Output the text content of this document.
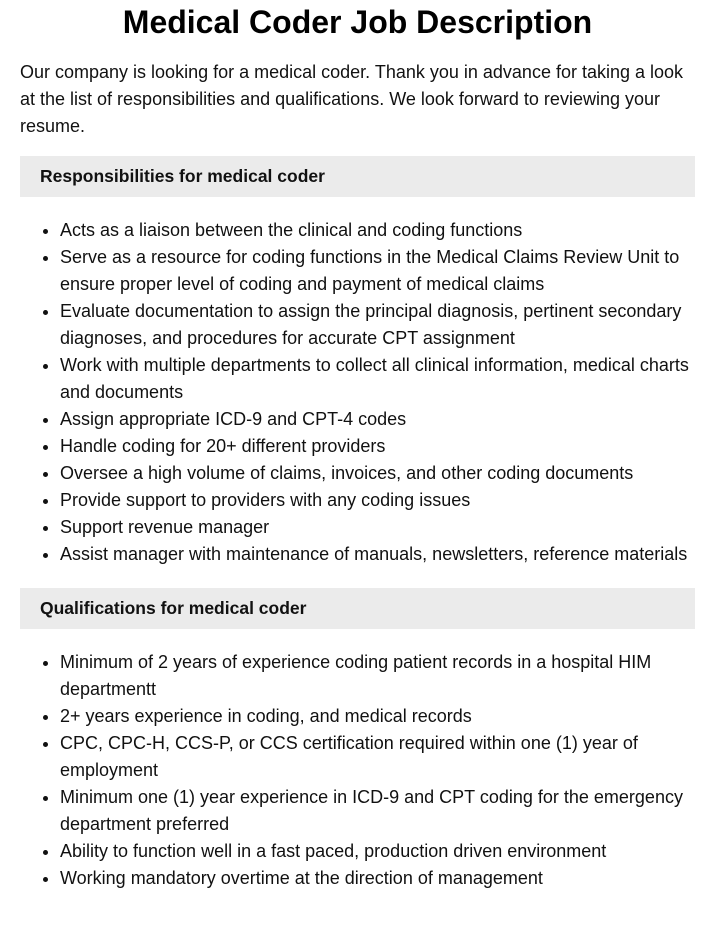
Medical Coder Job Description

Our company is looking for a medical coder. Thank you in advance for taking a look at the list of responsibilities and qualifications. We look forward to reviewing your resume.

Responsibilities for medical coder
• Acts as a liaison between the clinical and coding functions
• Serve as a resource for coding functions in the Medical Claims Review Unit to ensure proper level of coding and payment of medical claims
• Evaluate documentation to assign the principal diagnosis, pertinent secondary diagnoses, and procedures for accurate CPT assignment
• Work with multiple departments to collect all clinical information, medical charts and documents
• Assign appropriate ICD-9 and CPT-4 codes
• Handle coding for 20+ different providers
• Oversee a high volume of claims, invoices, and other coding documents
• Provide support to providers with any coding issues
• Support revenue manager
• Assist manager with maintenance of manuals, newsletters, reference materials
Qualifications for medical coder
• Minimum of 2 years of experience coding patient records in a hospital HIM departmentt
• 2+ years experience in coding, and medical records
• CPC, CPC-H, CCS-P, or CCS certification required within one (1) year of employment
• Minimum one (1) year experience in ICD-9 and CPT coding for the emergency department preferred
• Ability to function well in a fast paced, production driven environment
• Working mandatory overtime at the direction of management
